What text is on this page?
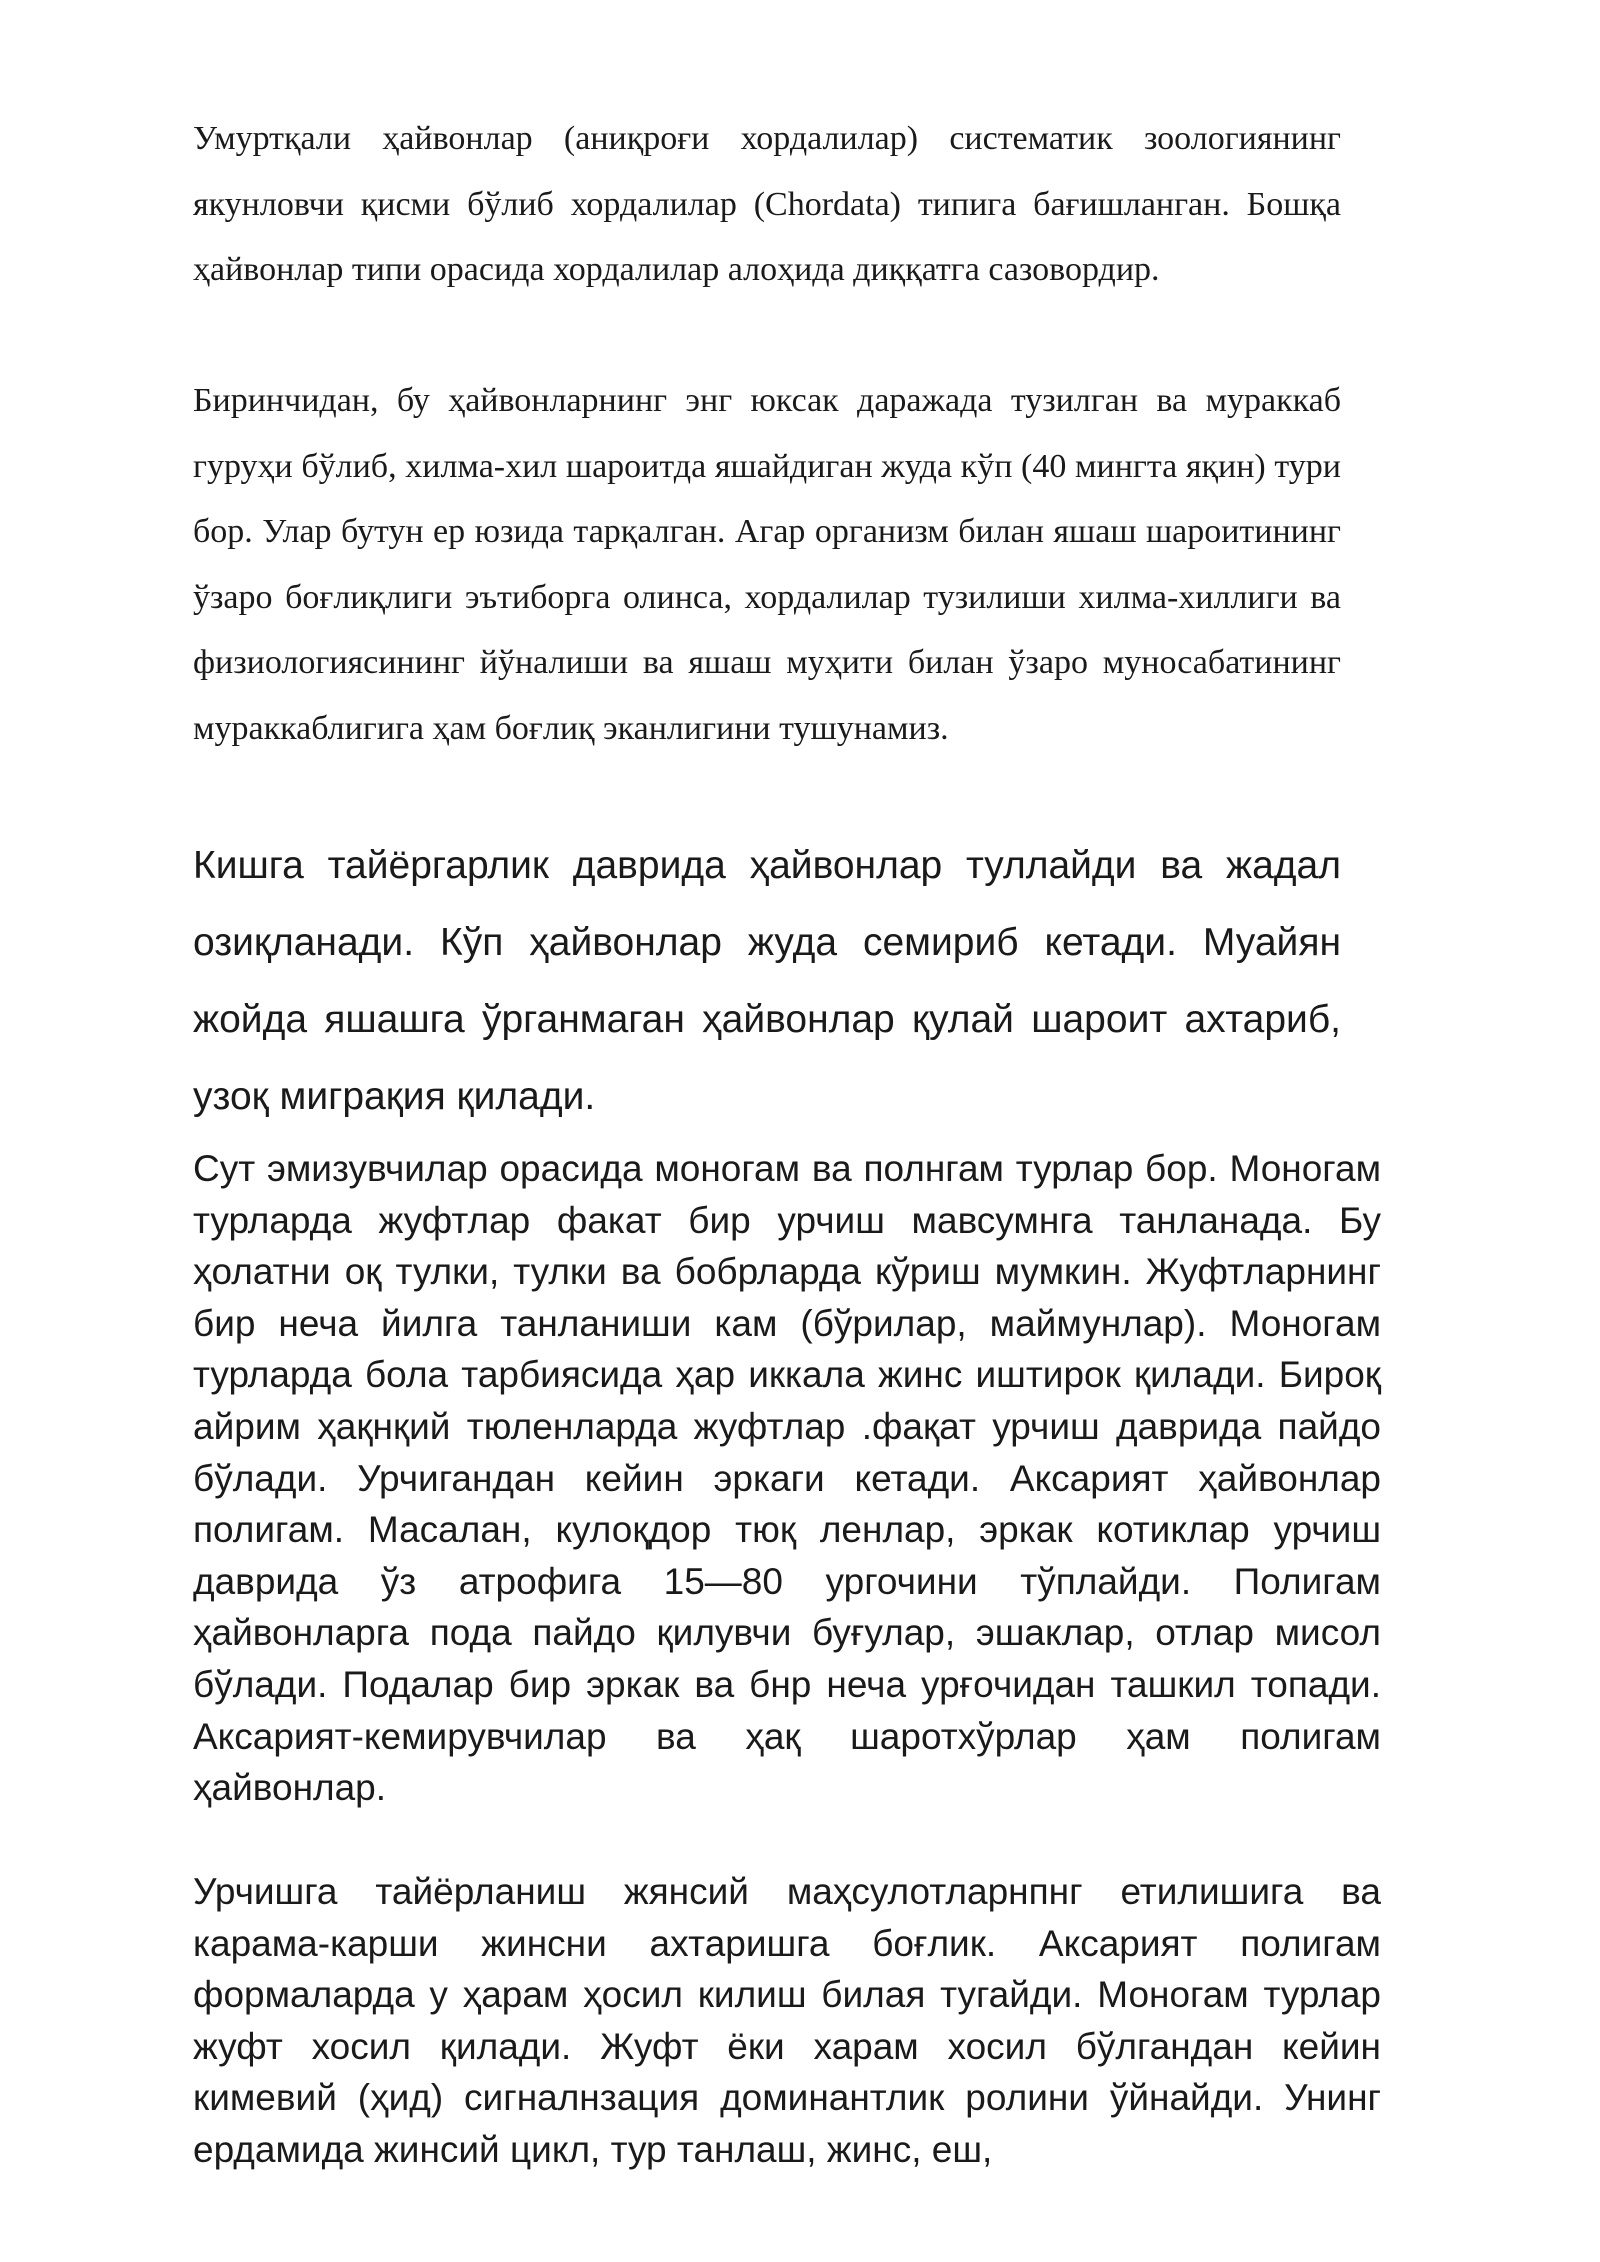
Умуртқали ҳайвонлар (аниқроғи хордалилар) систематик зоологиянинг якунловчи қисми бўлиб хордалилар (Chordata) типига бағишланган. Бошқа ҳайвонлар типи орасида хордалилар алоҳида диққатга сазовордир.

Биринчидан, бу ҳайвонларнинг энг юксак даражада тузилган ва мураккаб гуруҳи бўлиб, хилма-хил шароитда яшайдиган жуда кўп (40 мингта яқин) тури бор. Улар бутун ер юзида тарқалган. Агар организм билан яшаш шароитининг ўзаро боғлиқлиги эътиборга олинса, хордалилар тузилиши хилма-хиллиги ва физиологиясининг йўналиши ва яшаш муҳити билан ўзаро муносабатининг мураккаблигига ҳам боғлиқ эканлигини тушунамиз.

Кишга тайёргарлик даврида ҳайвонлар туллайди ва жадал озиқланади. Кўп ҳайвонлар жуда семириб кетади. Муайян жойда яшашга ўрганмаган ҳайвонлар қулай шароит ахтариб, узоқ миграқия қилади.

Сут эмизувчилар орасида моногам ва полнгам турлар бор. Моногам турларда жуфтлар факат бир урчиш мавсумнга танланада. Бу ҳолатни оқ тулки, тулки ва бобрларда кўриш мумкин. Жуфтларнинг бир неча йилга танланиши кам (бўрилар, маймунлар). Моногам турларда бола тарбиясида ҳар иккала жинс иштирок қилади. Бироқ айрим ҳақнқий тюленларда жуфтлар .фақат урчиш даврида пайдо бўлади. Урчигандан кейин эркаги кетади. Аксарият ҳайвонлар полигам. Масалан, кулоқдор тюқ ленлар, эркак котиклар урчиш даврида ўз атрофига 15—80 ургочини тўплайди. Полигам ҳайвонларга пода пайдо қилувчи буғулар, эшаклар, отлар мисол бўлади. Подалар бир эркак ва бнр неча урғочидан ташкил топади. Аксарият-кемирувчилар ва ҳақ шаротхўрлар ҳам полигам ҳайвонлар.

Урчишга тайёрланиш жянсий маҳсулотларнпнг етилишига ва карама-карши жинсни ахтаришга боғлик. Аксарият полигам формаларда у ҳарам ҳосил килиш билая тугайди. Моногам турлар жуфт хосил қилади. Жуфт ёки харам хосил бўлгандан кейин кимевий (ҳид) сигналнзация доминантлик ролини ўйнайди. Унинг ердамида жинсий цикл, тур танлаш, жинс, еш,
